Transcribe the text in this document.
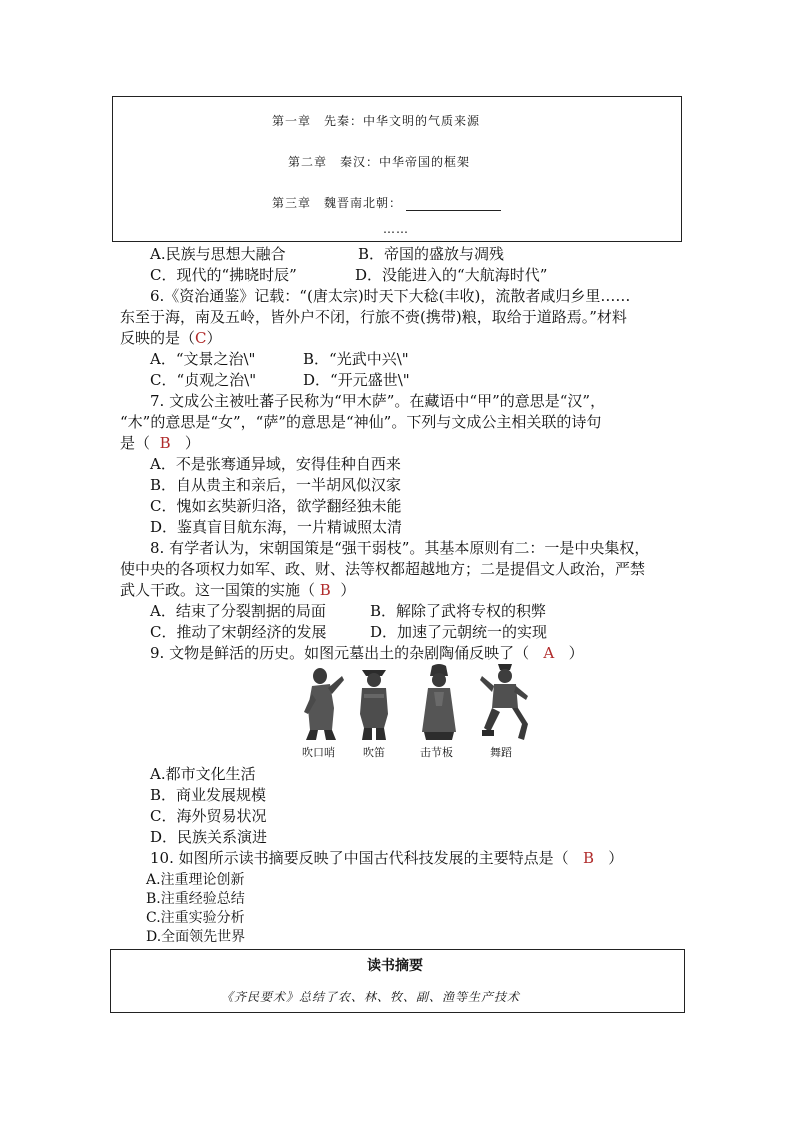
第一章　先秦：中华文明的气质来源
第二章　秦汉：中华帝国的框架
第三章　魏晋南北朝：
……
A.民族与思想大融合	B．帝国的盛放与凋残
C．现代的“拂晓时辰”	D．没能进入的“大航海时代”
6.《资治通鉴》记载：“(唐太宗)时天下大稔(丰收)，流散者咸归乡里……
东至于海，南及五岭，皆外户不闭，行旅不赍(携带)粮，取给于道路焉。”材料
反映的是（C）
A．“文景之治\"	B．“光武中兴\"
C．“贞观之治\"	D．“开元盛世\"
7. 文成公主被吐蕃子民称为“甲木萨”。在藏语中“甲”的意思是“汉”，
“木”的意思是“女”，“萨”的意思是“神仙”。下列与文成公主相关联的诗句
是（ B ）
A．不是张骞通异域，安得佳种自西来
B．自从贵主和亲后，一半胡风似汉家
C．愧如玄奘新归洛，欲学翻经独未能
D．鉴真盲目航东海，一片精诚照太清
8. 有学者认为，宋朝国策是“强干弱枝”。其基本原则有二：一是中央集权，
使中央的各项权力如军、政、财、法等权都超越地方；二是提倡文人政治，严禁
武人干政。这一国策的实施（ B ）
A．结束了分裂割据的局面	B．解除了武将专权的积弊
C．推动了宋朝经济的发展	D．加速了元朝统一的实现
9. 文物是鲜活的历史。如图元墓出土的杂剧陶俑反映了（ A ）
吹口哨	吹笛	击节板	舞蹈
A.都市文化生活
B．商业发展规模
C．海外贸易状况
D．民族关系演进
10. 如图所示读书摘要反映了中国古代科技发展的主要特点是（ B ）
A.注重理论创新
B.注重经验总结
C.注重实验分析
D.全面领先世界
读书摘要
《齐民要术》总结了农、林、牧、副、渔等生产技术
